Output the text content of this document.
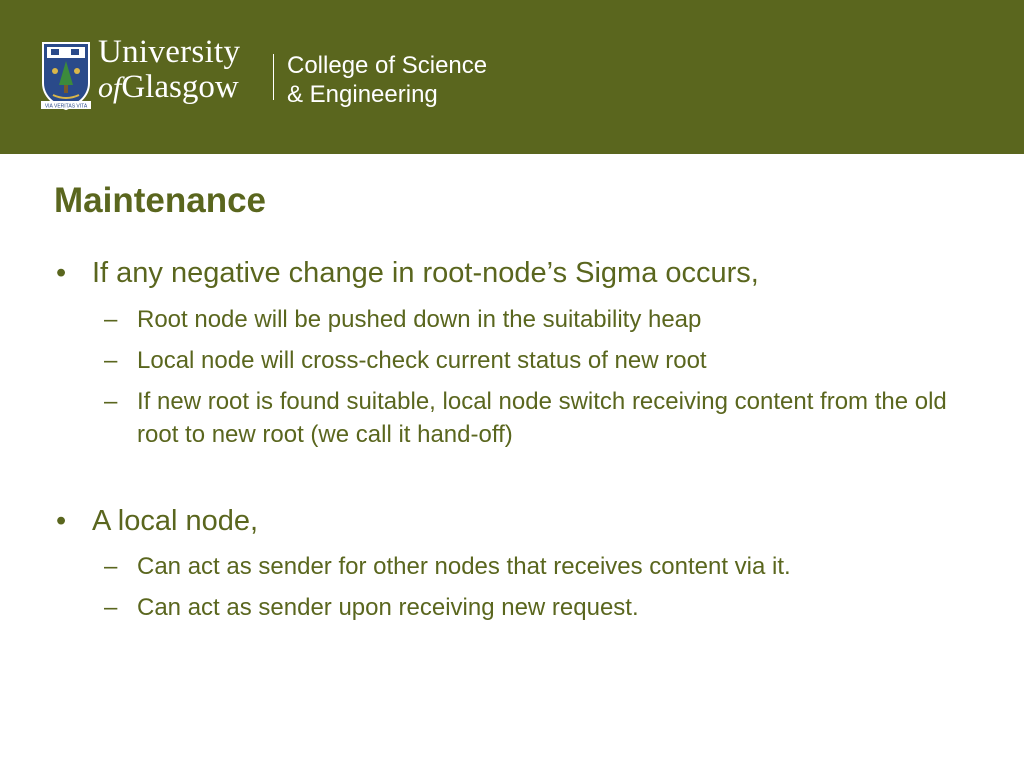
VIA VERITAS VITA
University
ofGlasgow
College of Science
& Engineering
Maintenance
• If any negative change in root-node’s Sigma occurs,
– Root node will be pushed down in the suitability heap
– Local node will cross-check current status of new root
– If new root is found suitable, local node switch receiving content from the old root to new root (we call it hand-off)
• A local node,
– Can act as sender for other nodes that receives content via it.
– Can act as sender upon receiving new request.
